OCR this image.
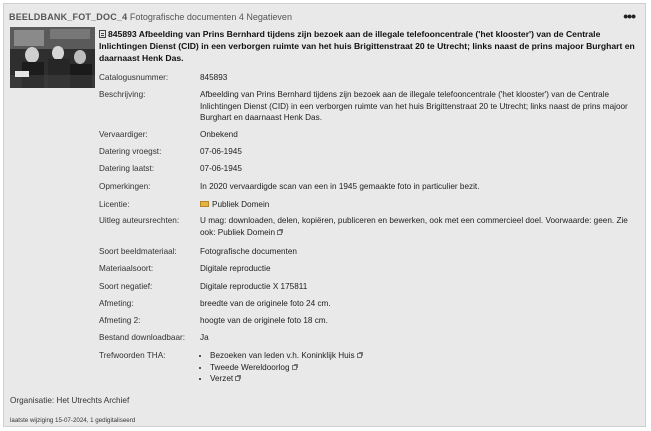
BEELDBANK_FOT_DOC_4 Fotografische documenten 4 Negatieven	•••
845893 Afbeelding van Prins Bernhard tijdens zijn bezoek aan de illegale telefooncentrale ('het klooster') van de Centrale Inlichtingen Dienst (CID) in een verborgen ruimte van het huis Brigittenstraat 20 te Utrecht; links naast de prins majoor Burghart en daarnaast Henk Das.
Catalogusnummer:	845893
Beschrijving:	Afbeelding van Prins Bernhard tijdens zijn bezoek aan de illegale telefooncentrale ('het klooster') van de Centrale Inlichtingen Dienst (CID) in een verborgen ruimte van het huis Brigittenstraat 20 te Utrecht; links naast de prins majoor Burghart en daarnaast Henk Das.
Vervaardiger:	Onbekend
Datering vroegst:	07-06-1945
Datering laatst:	07-06-1945
Opmerkingen:	In 2020 vervaardigde scan van een in 1945 gemaakte foto in particulier bezit.
Licentie:	Publiek Domein
Uitleg auteursrechten:	U mag: downloaden, delen, kopiëren, publiceren en bewerken, ook met een commercieel doel. Voorwaarde: geen. Zie ook: Publiek Domein
Soort beeldmateriaal:	Fotografische documenten
Materiaalsoort:	Digitale reproductie
Soort negatief:	Digitale reproductie X 175811
Afmeting:	breedte van de originele foto 24 cm.
Afmeting 2:	hoogte van de originele foto 18 cm.
Bestand downloadbaar:	Ja
Trefwoorden THA:
•	Bezoeken van leden v.h. Koninklijk Huis
• Tweede Wereldoorlog
• Verzet
Organisatie: Het Utrechts Archief
laatste wijziging 15-07-2024, 1 gedigitaliseerd
